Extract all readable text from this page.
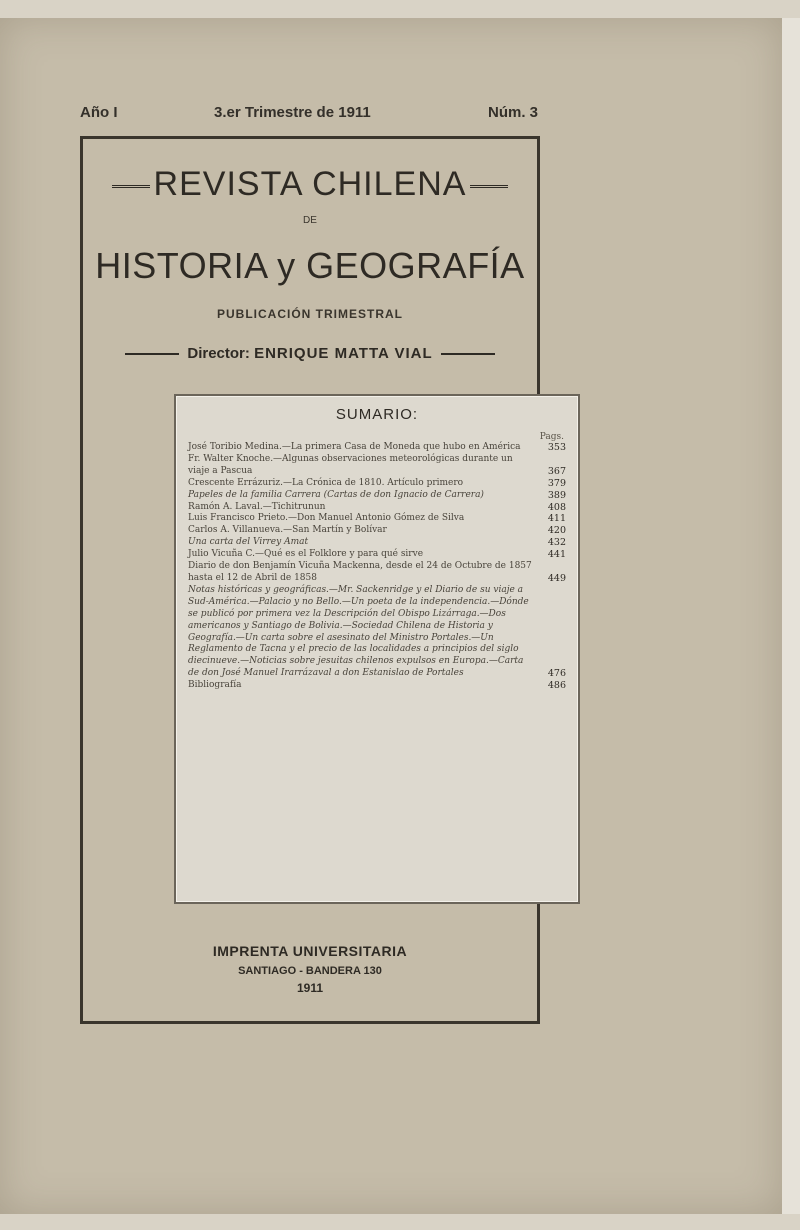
Año I	3.er Trimestre de 1911	Núm. 3
REVISTA CHILENA
DE
HISTORIA y GEOGRAFÍA
PUBLICACIÓN TRIMESTRAL
Director: ENRIQUE MATTA VIAL
IMPRENTA UNIVERSITARIA
SANTIAGO - BANDERA 130
1911
SUMARIO:
Pags.
José Toribio Medina.—La primera Casa de Moneda que hubo en América	353
Fr. Walter Knoche.—Algunas observaciones meteorológicas durante un viaje a Pascua	367
Crescente Errázuriz.—La Crónica de 1810. Artículo primero	379
Papeles de la familia Carrera (Cartas de don Ignacio de Carrera)	389
Ramón A. Laval.—Tichitrunun	408
Luis Francisco Prieto.—Don Manuel Antonio Gómez de Silva	411
Carlos A. Villanueva.—San Martín y Bolívar	420
Una carta del Virrey Amat	432
Julio Vicuña C.—Qué es el Folklore y para qué sirve	441
Diario de don Benjamín Vicuña Mackenna, desde el 24 de Octubre de 1857 hasta el 12 de Abril de 1858	449
Notas históricas y geográficas.—Mr. Sackenridge y el Diario de su viaje a Sud-América.—Palacio y no Bello.—Un poeta de la independencia.—Dónde se publicó por primera vez la Descripción del Obispo Lizárraga.—Dos americanos y Santiago de Bolivia.—Sociedad Chilena de Historia y Geografía.—Un carta sobre el asesinato del Ministro Portales.—Un Reglamento de Tacna y el precio de las localidades a principios del siglo diecinueve.—Noticias sobre jesuitas chilenos expulsos en Europa.—Carta de don José Manuel Irarrázaval a don Estanislao de Portales	476
Bibliografía	486
